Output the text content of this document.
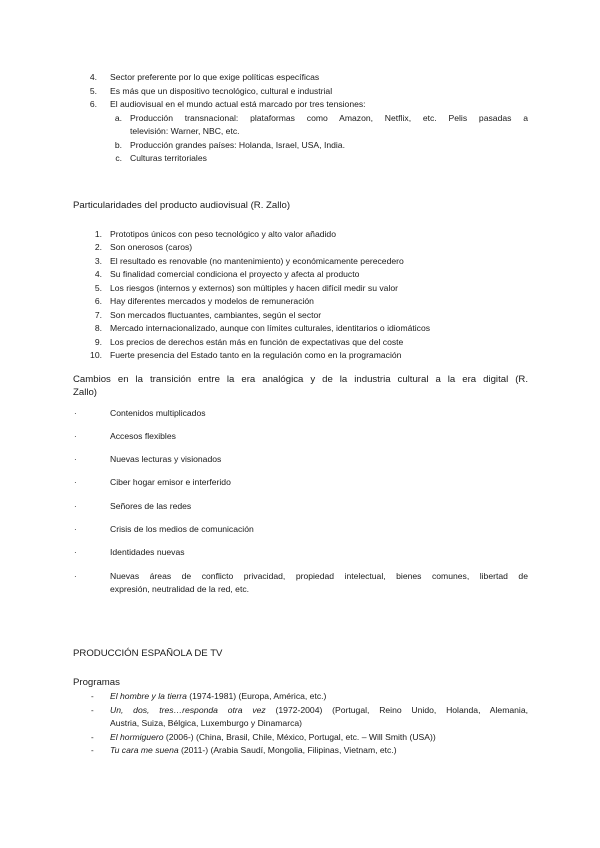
4. Sector preferente por lo que exige políticas específicas
5. Es más que un dispositivo tecnológico, cultural e industrial
6. El audiovisual en el mundo actual está marcado por tres tensiones:
a. Producción transnacional: plataformas como Amazon, Netflix, etc. Pelis pasadas a
televisión: Warner, NBC, etc.
b. Producción grandes países: Holanda, Israel, USA, India.
c. Culturas territoriales
Particularidades del producto audiovisual (R. Zallo)
1. Prototipos únicos con peso tecnológico y alto valor añadido
2. Son onerosos (caros)
3. El resultado es renovable (no mantenimiento) y económicamente perecedero
4. Su finalidad comercial condiciona el proyecto y afecta al producto
5. Los riesgos (internos y externos) son múltiples y hacen difícil medir su valor
6. Hay diferentes mercados y modelos de remuneración
7. Son mercados fluctuantes, cambiantes, según el sector
8. Mercado internacionalizado, aunque con límites culturales, identitarios o idiomáticos
9. Los precios de derechos están más en función de expectativas que del coste
10. Fuerte presencia del Estado tanto en la regulación como en la programación
Cambios en la transición entre la era analógica y de la industria cultural a la era digital (R.
Zallo)
·	Contenidos multiplicados
·	Accesos flexibles
·	Nuevas lecturas y visionados
·	Ciber hogar emisor e interferido
·	Señores de las redes
·	Crisis de los medios de comunicación
·	Identidades nuevas
·	Nuevas áreas de conflicto privacidad, propiedad intelectual, bienes comunes, libertad de
expresión, neutralidad de la red, etc.
PRODUCCIÓN ESPAÑOLA DE TV
Programas
- El hombre y la tierra (1974-1981) (Europa, América, etc.)
- Un, dos, tres…responda otra vez (1972-2004) (Portugal, Reino Unido, Holanda, Alemania,
Austria, Suiza, Bélgica, Luxemburgo y Dinamarca)
- El hormiguero (2006-) (China, Brasil, Chile, México, Portugal, etc. – Will Smith (USA))
- Tu cara me suena (2011-) (Arabia Saudí, Mongolia, Filipinas, Vietnam, etc.)
